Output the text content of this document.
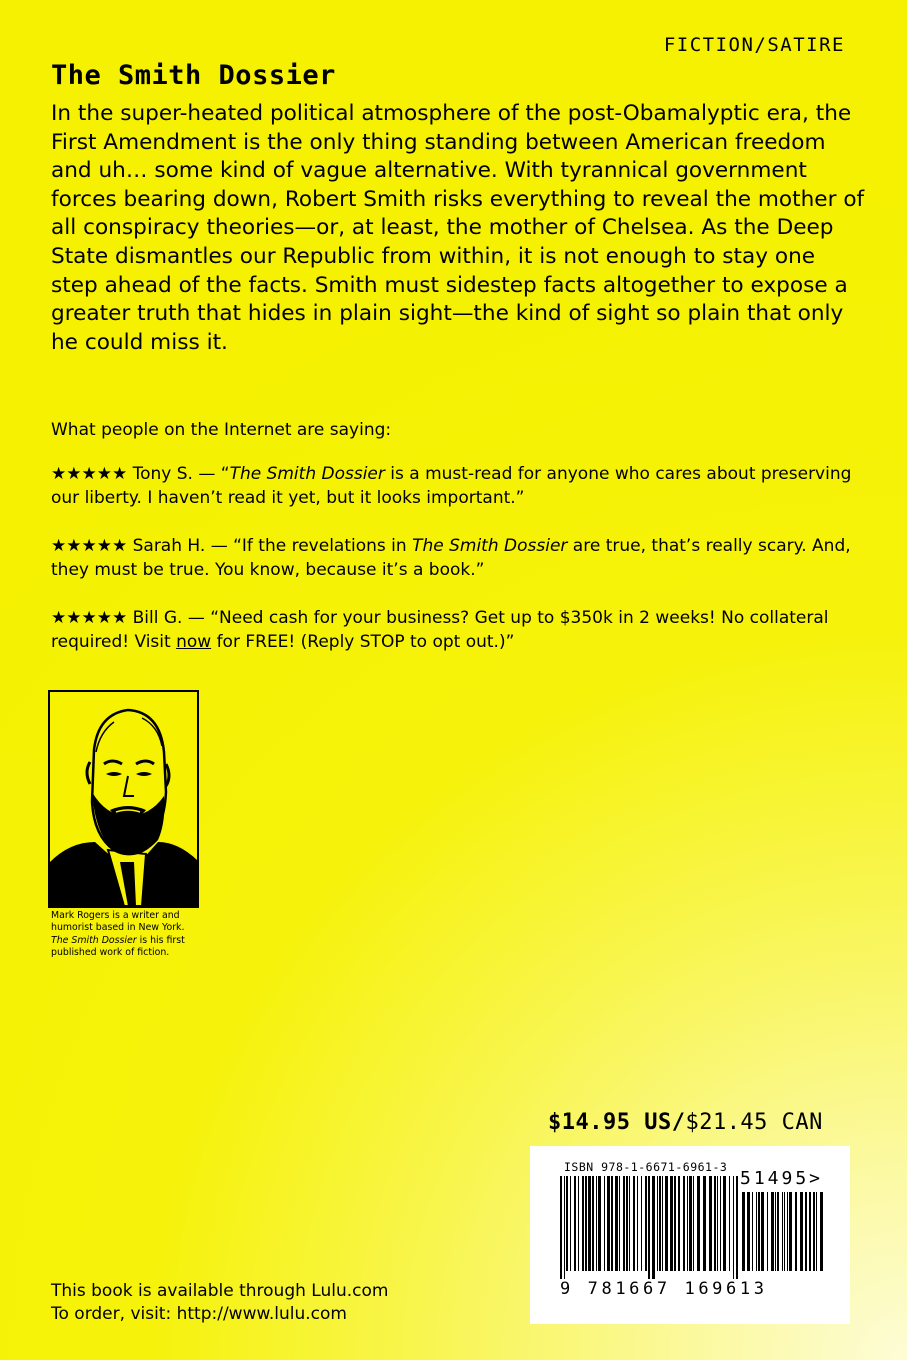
FICTION/SATIRE
The Smith Dossier

In the super-heated political atmosphere of the post-Obamalyptic era, the First Amendment is the only thing standing between American freedom and uh… some kind of vague alternative. With tyrannical government forces bearing down, Robert Smith risks everything to reveal the mother of all conspiracy theories—or, at least, the mother of Chelsea. As the Deep State dismantles our Republic from within, it is not enough to stay one step ahead of the facts. Smith must sidestep facts altogether to expose a greater truth that hides in plain sight—the kind of sight so plain that only he could miss it.

What people on the Internet are saying:

★★★★★ Tony S. — “The Smith Dossier is a must-read for anyone who cares about preserving our liberty. I haven’t read it yet, but it looks important.”

★★★★★ Sarah H. — “If the revelations in The Smith Dossier are true, that’s really scary. And, they must be true. You know, because it’s a book.”

★★★★★ Bill G. — “Need cash for your business? Get up to $350k in 2 weeks! No collateral required! Visit now for FREE! (Reply STOP to opt out.)”

Mark Rogers is a writer and humorist based in New York. The Smith Dossier is his first published work of fiction.
$14.95 US/$21.45 CAN
ISBN 978-1-6671-6961-3
51495>
9 781667 169613
This book is available through Lulu.com
To order, visit: http://www.lulu.com
